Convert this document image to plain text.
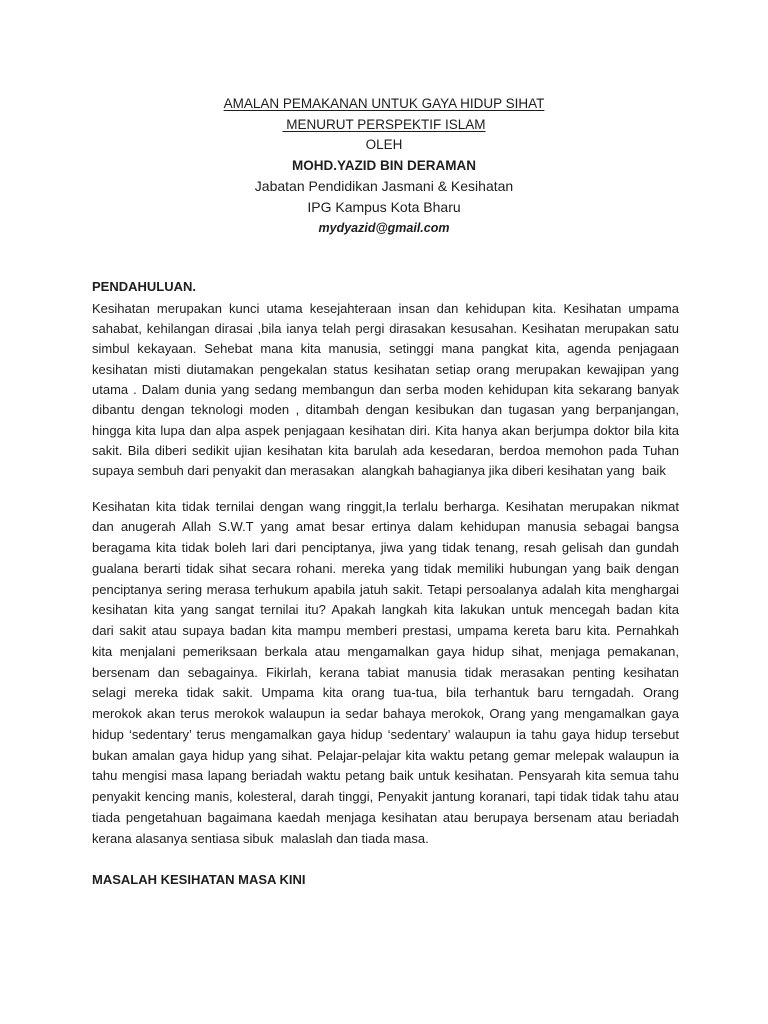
AMALAN PEMAKANAN UNTUK GAYA HIDUP SIHAT
MENURUT PERSPEKTIF ISLAM
OLEH
MOHD.YAZID BIN DERAMAN
Jabatan Pendidikan Jasmani & Kesihatan
IPG Kampus Kota Bharu
mydyazid@gmail.com
PENDAHULUAN.
Kesihatan merupakan kunci utama kesejahteraan insan dan kehidupan kita. Kesihatan umpama
sahabat, kehilangan dirasai ,bila ianya telah pergi dirasakan kesusahan. Kesihatan merupakan satu
simbul kekayaan. Sehebat mana kita manusia, setinggi mana pangkat kita, agenda penjagaan
kesihatan misti diutamakan pengekalan status kesihatan setiap orang merupakan kewajipan yang
utama . Dalam dunia yang sedang membangun dan serba moden kehidupan kita sekarang banyak
dibantu dengan teknologi moden , ditambah dengan kesibukan dan tugasan yang berpanjangan,
hingga kita lupa dan alpa aspek penjagaan kesihatan diri. Kita hanya akan berjumpa doktor bila kita
sakit. Bila diberi sedikit ujian kesihatan kita barulah ada kesedaran, berdoa memohon pada Tuhan
supaya sembuh dari penyakit dan merasakan  alangkah bahagianya jika diberi kesihatan yang  baik
Kesihatan kita tidak ternilai dengan wang ringgit,Ia terlalu berharga. Kesihatan merupakan nikmat
dan anugerah Allah S.W.T yang amat besar ertinya dalam kehidupan manusia sebagai bangsa
beragama kita tidak boleh lari dari penciptanya, jiwa yang tidak tenang, resah gelisah dan gundah
gualana berarti tidak sihat secara rohani. mereka yang tidak memiliki hubungan yang baik dengan
penciptanya sering merasa terhukum apabila jatuh sakit. Tetapi persoalanya adalah kita menghargai
kesihatan kita yang sangat ternilai itu? Apakah langkah kita lakukan untuk mencegah badan kita
dari sakit atau supaya badan kita mampu memberi prestasi, umpama kereta baru kita. Pernahkah
kita menjalani pemeriksaan berkala atau mengamalkan gaya hidup sihat, menjaga pemakanan,
bersenam dan sebagainya. Fikirlah, kerana tabiat manusia tidak merasakan penting kesihatan
selagi mereka tidak sakit. Umpama kita orang tua-tua, bila terhantuk baru terngadah. Orang
merokok akan terus merokok walaupun ia sedar bahaya merokok, Orang yang mengamalkan gaya
hidup ‘sedentary’ terus mengamalkan gaya hidup ‘sedentary’ walaupun ia tahu gaya hidup tersebut
bukan amalan gaya hidup yang sihat. Pelajar-pelajar kita waktu petang gemar melepak walaupun ia
tahu mengisi masa lapang beriadah waktu petang baik untuk kesihatan. Pensyarah kita semua tahu
penyakit kencing manis, kolesteral, darah tinggi, Penyakit jantung koranari, tapi tidak tidak tahu atau
tiada pengetahuan bagaimana kaedah menjaga kesihatan atau berupaya bersenam atau beriadah
kerana alasanya sentiasa sibuk  malaslah dan tiada masa.
MASALAH KESIHATAN MASA KINI
